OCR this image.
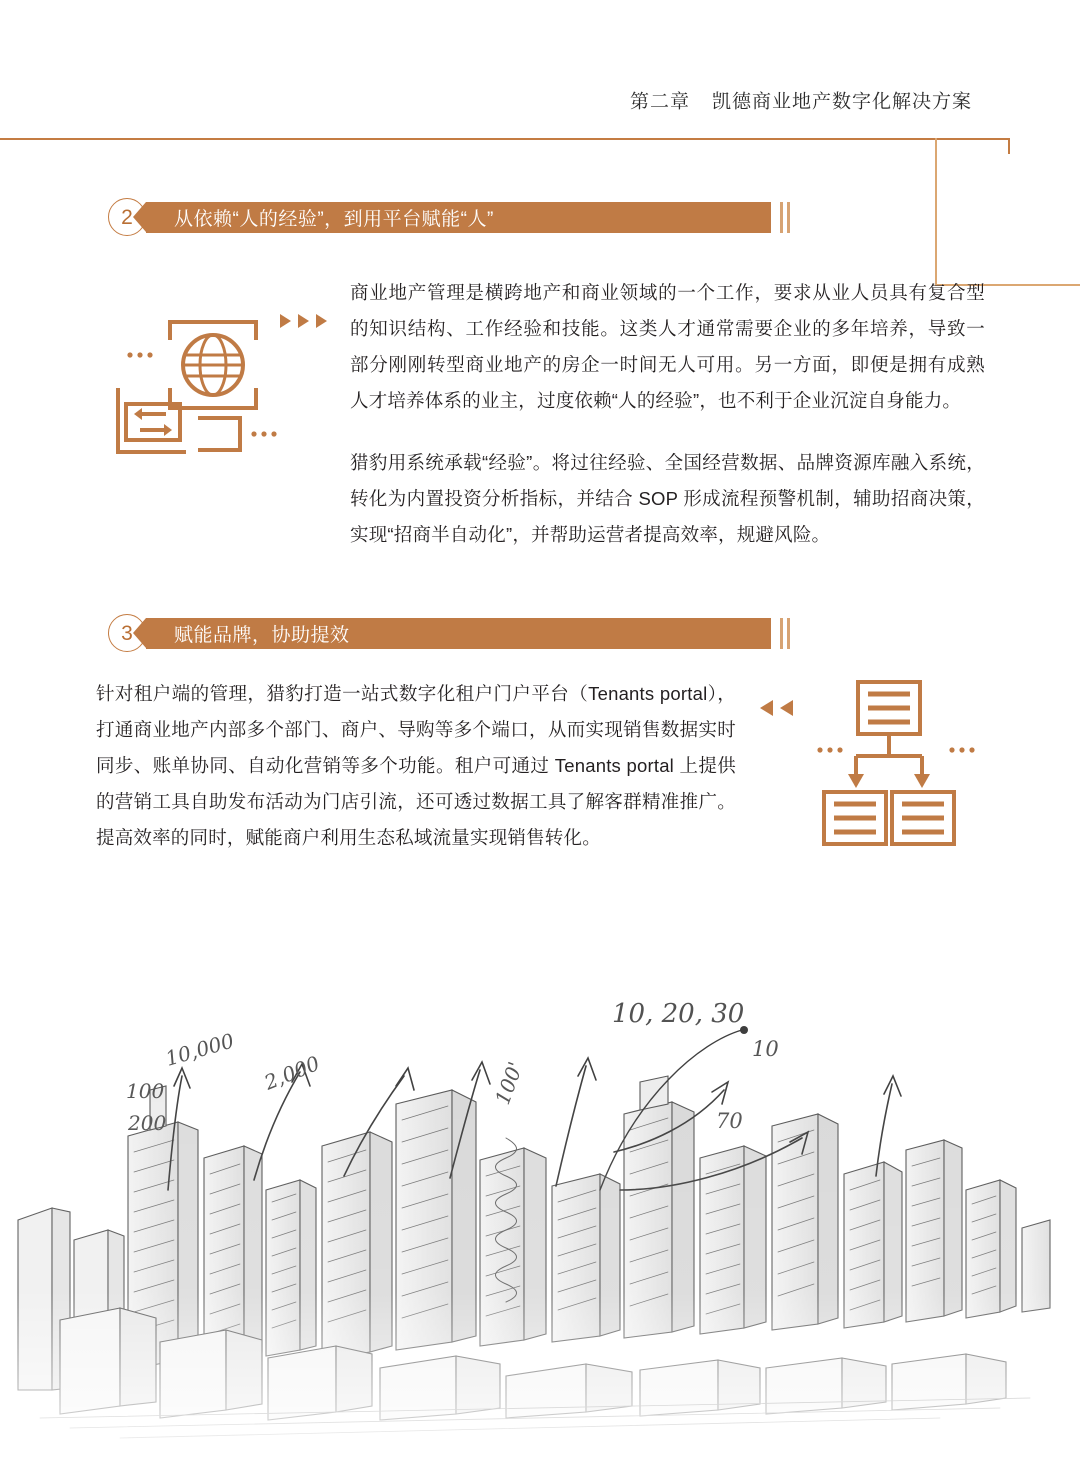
第二章 凯德商业地产数字化解决方案
2	从依赖“人的经验”，到用平台赋能“人”
商业地产管理是横跨地产和商业领域的一个工作，要求从业人员具有复合型的知识结构、工作经验和技能。这类人才通常需要企业的多年培养，导致一部分刚刚转型商业地产的房企一时间无人可用。另一方面，即便是拥有成熟人才培养体系的业主，过度依赖“人的经验”，也不利于企业沉淀自身能力。
猎豹用系统承载“经验”。将过往经验、全国经营数据、品牌资源库融入系统，转化为内置投资分析指标，并结合 SOP 形成流程预警机制，辅助招商决策，实现“招商半自动化”，并帮助运营者提高效率，规避风险。
3	赋能品牌，协助提效
针对租户端的管理，猎豹打造一站式数字化租户门户平台（Tenants portal），打通商业地产内部多个部门、商户、导购等多个端口，从而实现销售数据实时同步、账单协同、自动化营销等多个功能。租户可通过 Tenants portal 上提供的营销工具自助发布活动为门店引流，还可透过数据工具了解客群精准推广。提高效率的同时，赋能商户利用生态私域流量实现销售转化。
